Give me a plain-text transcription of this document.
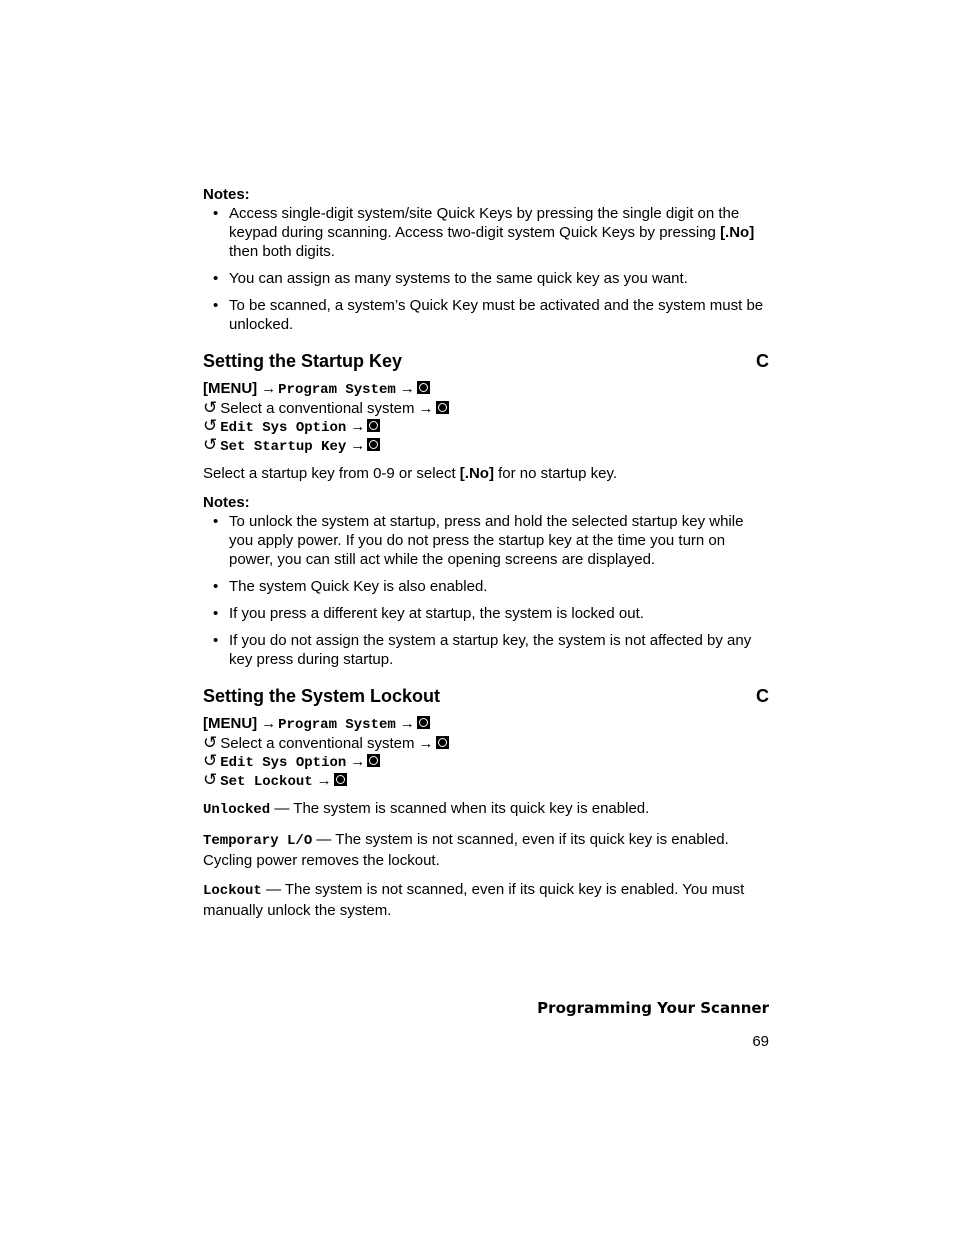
Notes:
• Access single-digit system/site Quick Keys by pressing the single digit on the keypad during scanning. Access two-digit system Quick Keys by pressing [.No] then both digits.
• You can assign as many systems to the same quick key as you want.
• To be scanned, a system’s Quick Key must be activated and the system must be unlocked.
Setting the Startup Key	C
[MENU] → Program System →
↺ Select a conventional system →
↺ Edit Sys Option →
↺ Set Startup Key →

Select a startup key from 0-9 or select [.No] for no startup key.

Notes:
• To unlock the system at startup, press and hold the selected startup key while you apply power. If you do not press the startup key at the time you turn on power, you can still act while the opening screens are displayed.
• The system Quick Key is also enabled.
• If you press a different key at startup, the system is locked out.
• If you do not assign the system a startup key, the system is not affected by any key press during startup.
Setting the System Lockout	C
[MENU] → Program System →
↺ Select a conventional system →
↺ Edit Sys Option →
↺ Set Lockout →

Unlocked — The system is scanned when its quick key is enabled.

Temporary L/O — The system is not scanned, even if its quick key is enabled. Cycling power removes the lockout.

Lockout — The system is not scanned, even if its quick key is enabled. You must manually unlock the system.

Programming Your Scanner
69
